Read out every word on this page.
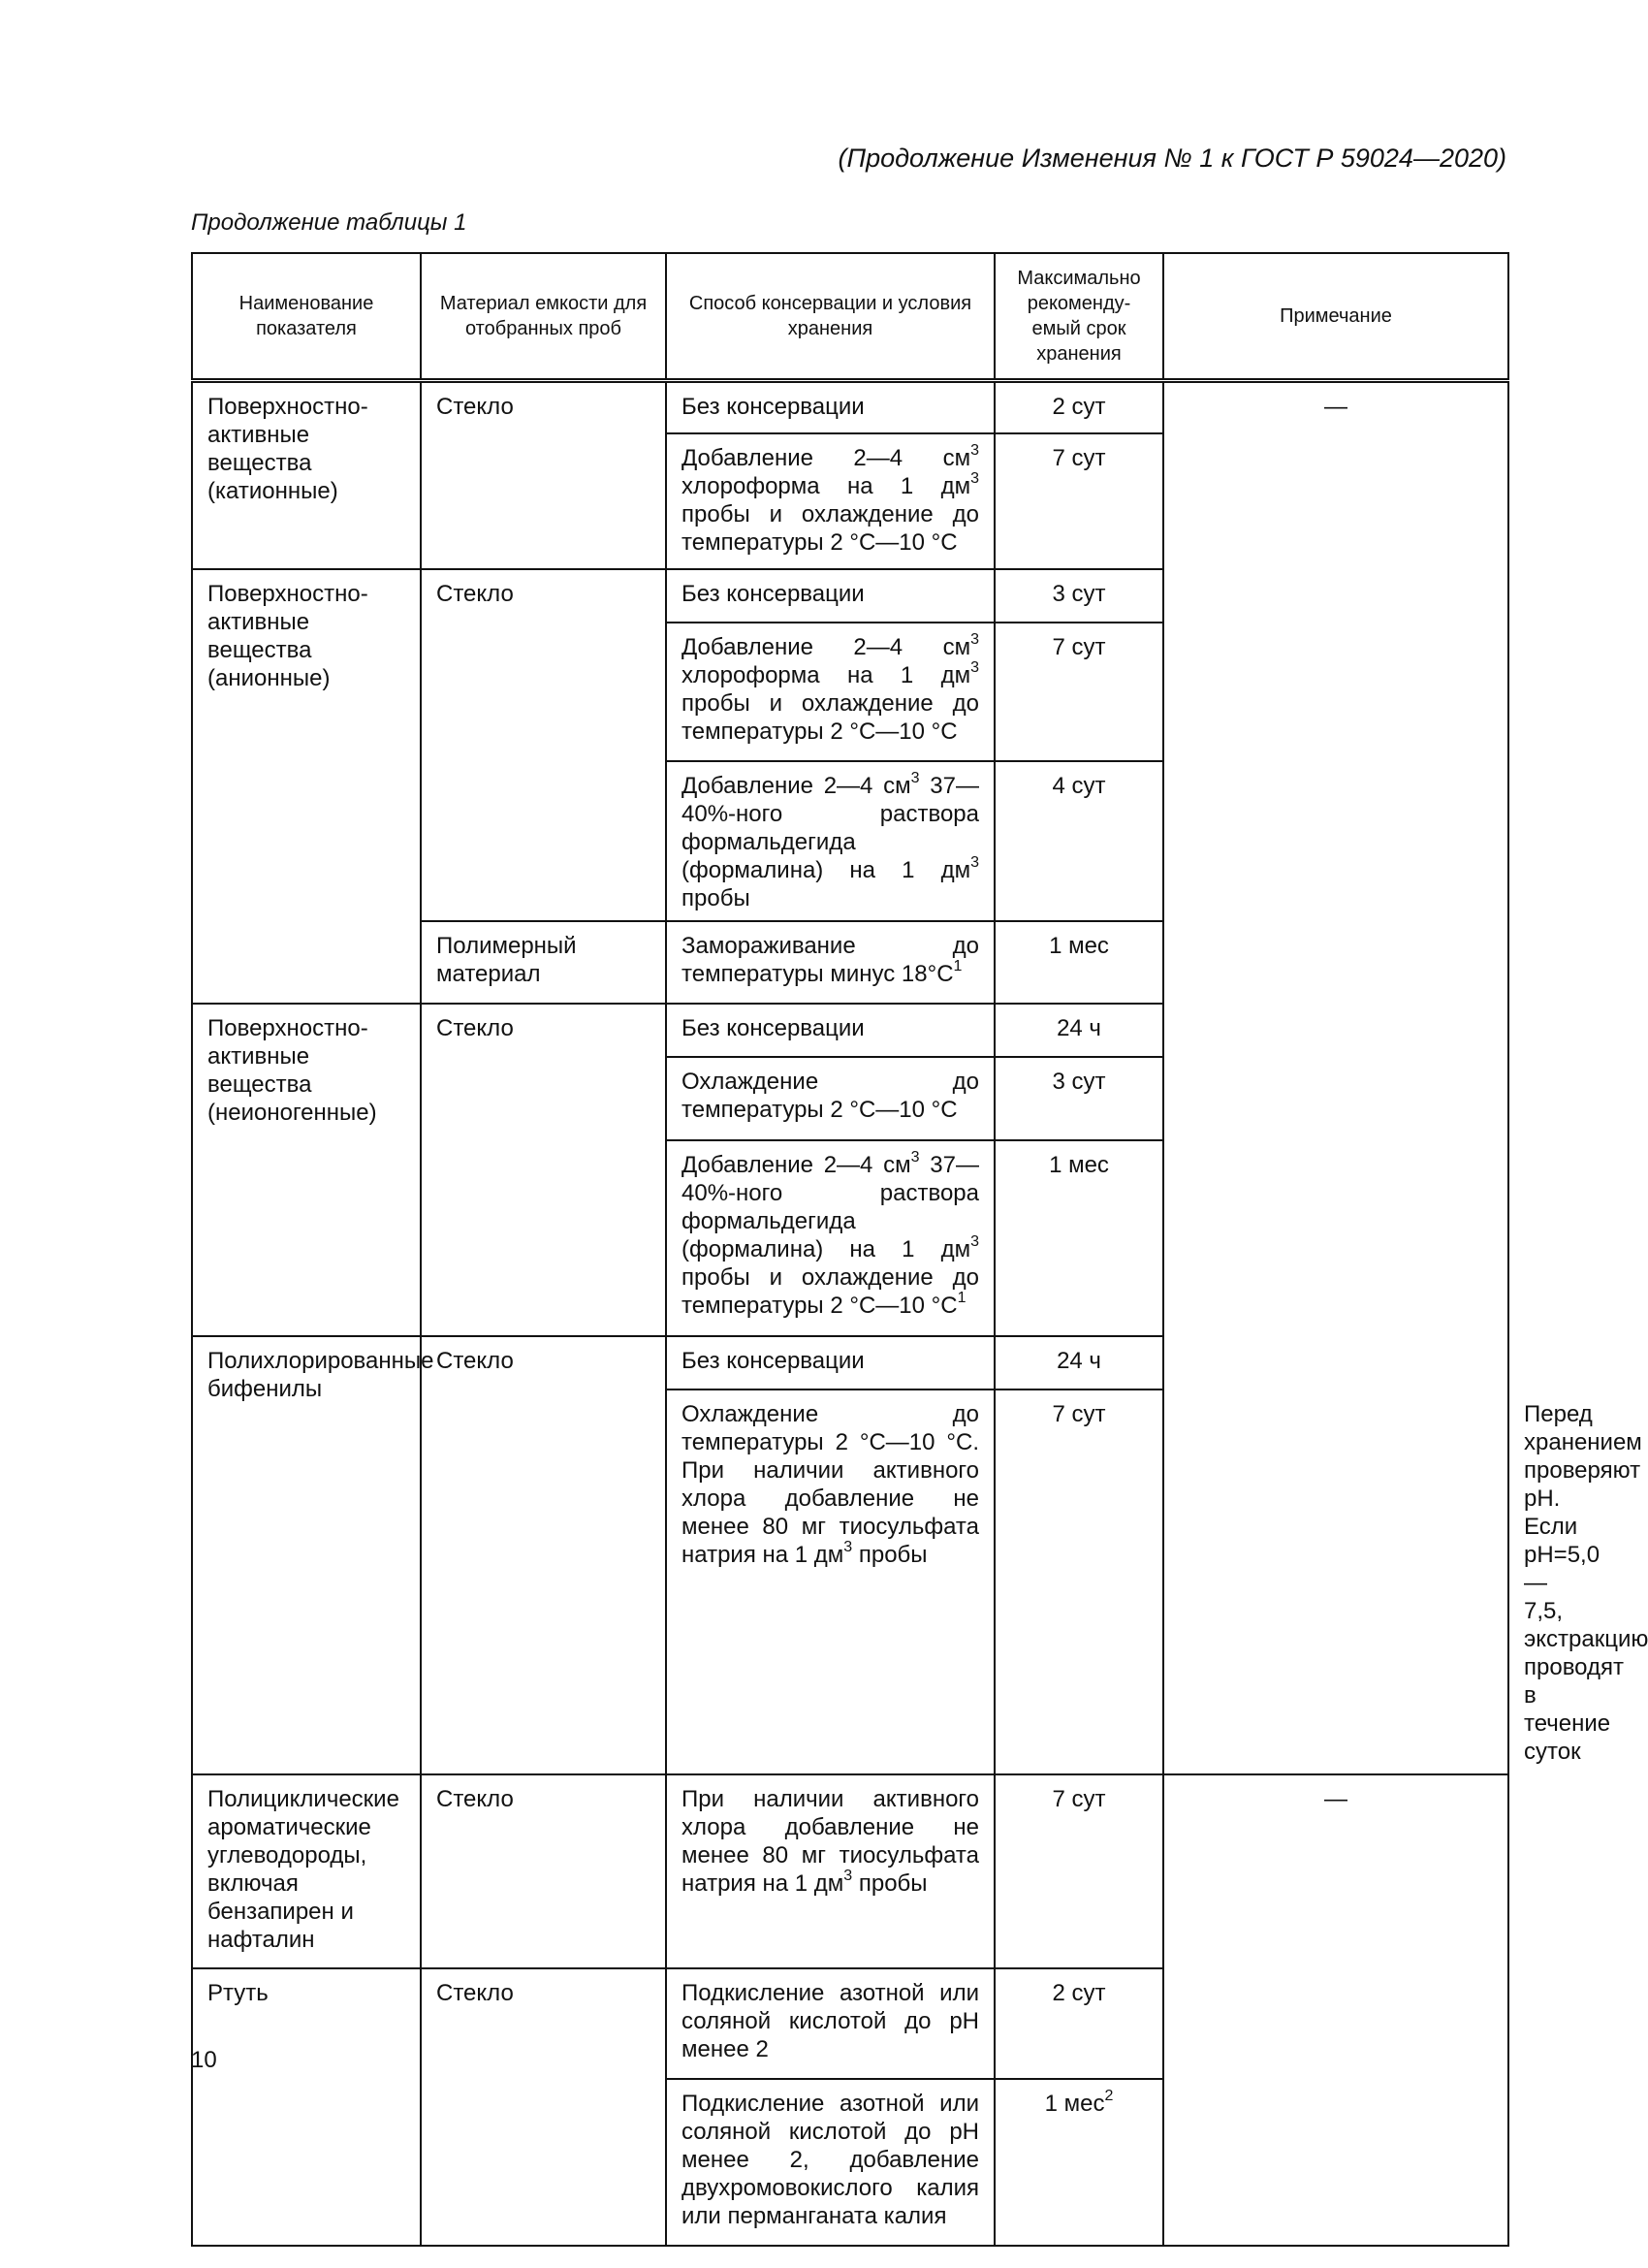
(Продолжение Изменения № 1 к ГОСТ Р 59024—2020)
Продолжение таблицы 1
Наименование показателя	Материал емкости для отобранных проб	Способ консервации и условия хранения	Максимально рекоменду-емый срок хранения	Примечание	
Поверхностно-активные вещества (катионные)	Стекло	Без консервации	2 сут	—	
		Добавление 2—4 $см^3$ хлороформа на 1 $дм^3$ пробы и охлаждение до температуры 2 °C—10 °C	7 сут		
Поверхностно-активные вещества (анионные)	Стекло	Без консервации	3 сут		
		Добавление 2—4 $см^3$ хлороформа на 1 $дм^3$ пробы и охлаждение до температуры 2 °C—10 °C	7 сут		
		Добавление 2—4 $см^3$ 37—40%-ного раствора формальдегида (формалина) на 1 $дм^3$ пробы	4 сут		
	Полимерный материал	Замораживание до температуры минус $18^\circ С^1$	1 мес		
Поверхностно-активные вещества (неионогенные)	Стекло	Без консервации	24 ч		
		Охлаждение до температуры 2 °C—10 °C	3 сут		
		Добавление 2—4 $см^3$ 37—40%-ного раствора формальдегида (формалина) на 1 $дм^3$ пробы и охлаждение до температуры 2 °C—10 $^\circ C^1$	1 мес		
Полихлорированные бифенилы	Стекло	Без консервации	24 ч		
		Охлаждение до температуры 2 °C—10 °C. При наличии активного хлора добавление не менее 80 мг тиосульфата натрия на 1 $дм^3$ пробы	7 сут		Перед хранением проверяют pH. Если pH=5,0—7,5, экстракцию проводят в течение суток
Полициклические ароматические углеводороды, включая бензапирен и нафталин	Стекло	При наличии активного хлора добавление не менее 80 мг тиосульфата натрия на 1 $дм^3$ пробы	7 сут	—	
Ртуть	Стекло	Подкисление азотной или соляной кислотой до pH менее 2	2 сут		
		Подкисление азотной или соляной кислотой до pH менее 2, добавление двухромовокислого калия или перманганата калия	1 мес$^2$
10
